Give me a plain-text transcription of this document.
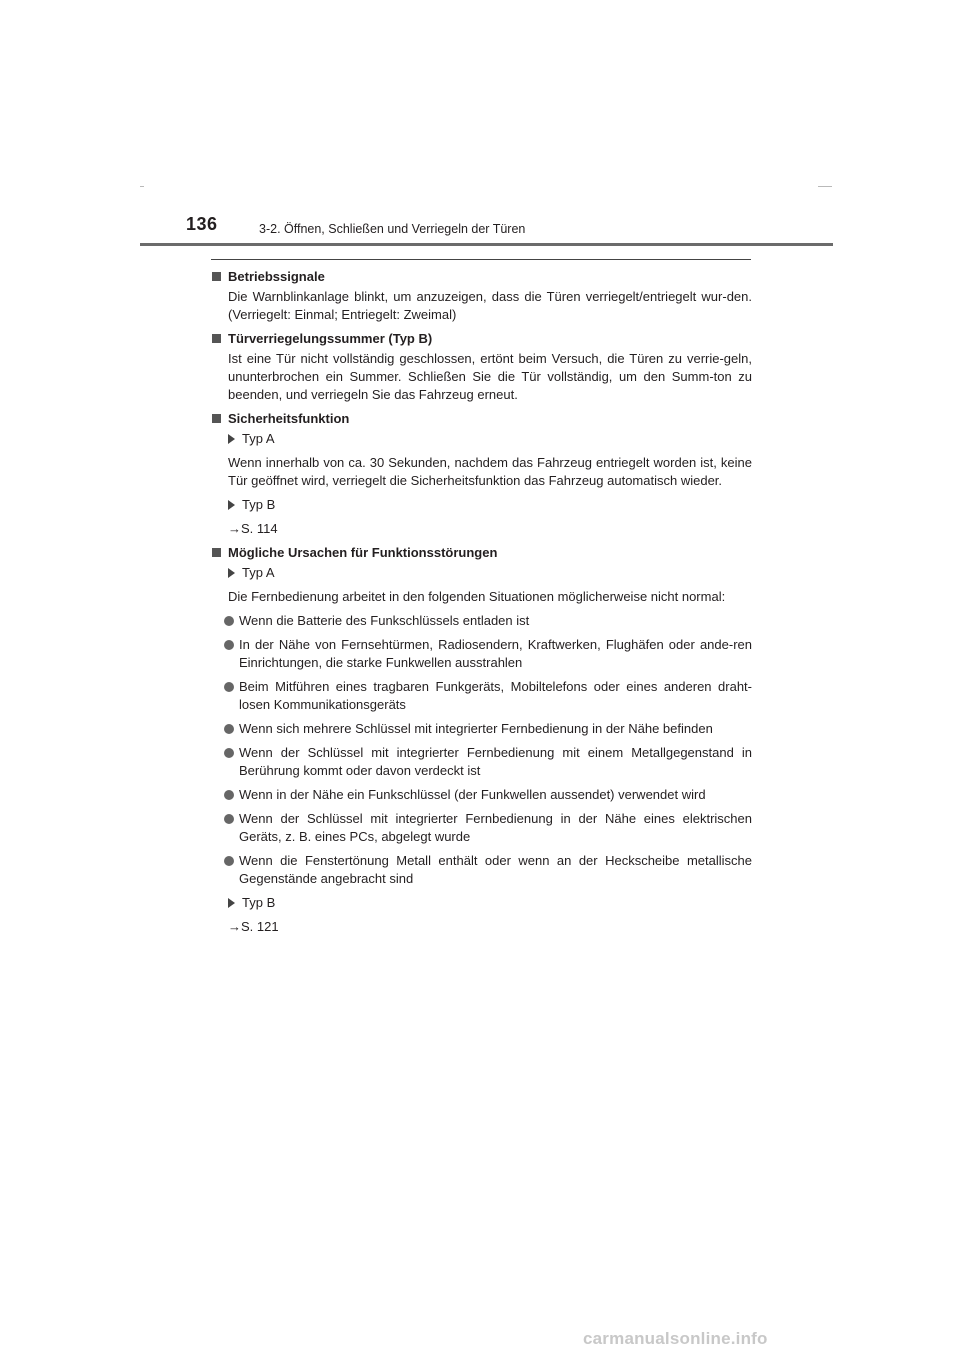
136	3-2. Öffnen, Schließen und Verriegeln der Türen
Betriebssignale
Die Warnblinkanlage blinkt, um anzuzeigen, dass die Türen verriegelt/entriegelt wur-den. (Verriegelt: Einmal; Entriegelt: Zweimal)
Türverriegelungssummer (Typ B)
Ist eine Tür nicht vollständig geschlossen, ertönt beim Versuch, die Türen zu verrie-geln, ununterbrochen ein Summer. Schließen Sie die Tür vollständig, um den Summ-ton zu beenden, und verriegeln Sie das Fahrzeug erneut.
Sicherheitsfunktion
Typ A
Wenn innerhalb von ca. 30 Sekunden, nachdem das Fahrzeug entriegelt worden ist, keine Tür geöffnet wird, verriegelt die Sicherheitsfunktion das Fahrzeug automatisch wieder.
Typ B
→S. 114
Mögliche Ursachen für Funktionsstörungen
Typ A
Die Fernbedienung arbeitet in den folgenden Situationen möglicherweise nicht normal:
Wenn die Batterie des Funkschlüssels entladen ist
In der Nähe von Fernsehtürmen, Radiosendern, Kraftwerken, Flughäfen oder ande-ren Einrichtungen, die starke Funkwellen ausstrahlen
Beim Mitführen eines tragbaren Funkgeräts, Mobiltelefons oder eines anderen draht-losen Kommunikationsgeräts
Wenn sich mehrere Schlüssel mit integrierter Fernbedienung in der Nähe befinden
Wenn der Schlüssel mit integrierter Fernbedienung mit einem Metallgegenstand in Berührung kommt oder davon verdeckt ist
Wenn in der Nähe ein Funkschlüssel (der Funkwellen aussendet) verwendet wird
Wenn der Schlüssel mit integrierter Fernbedienung in der Nähe eines elektrischen Geräts, z. B. eines PCs, abgelegt wurde
Wenn die Fenstertönung Metall enthält oder wenn an der Heckscheibe metallische Gegenstände angebracht sind
Typ B
→S. 121
carmanualsonline.info
